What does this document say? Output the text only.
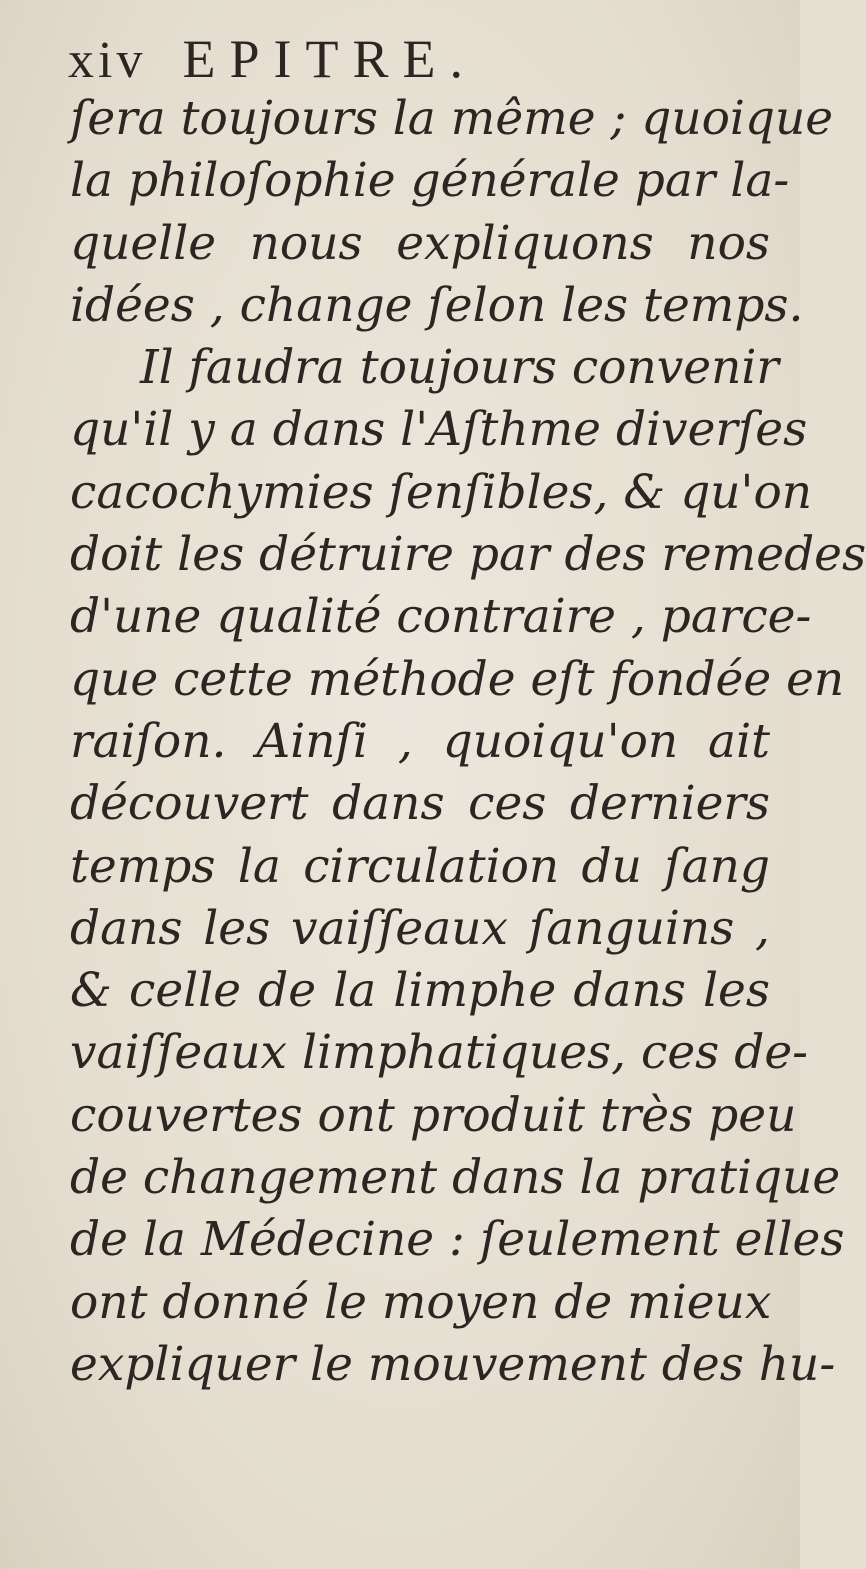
xiv EPITRE.
ſera toujours la même ; quoique
la philoſophie générale par la-
quelle nous expliquons nos
idées , change ſelon les temps.
Il faudra toujours convenir
qu'il y a dans l'Aſthme diverſes
cacochymies ſenſibles, & qu'on
doit les détruire par des remedes
d'une qualité contraire , parce-
que cette méthode eſt fondée en
raiſon. Ainſi , quoiqu'on ait
découvert dans ces derniers
temps la circulation du ſang
dans les vaiſſeaux ſanguins ,
& celle de la limphe dans les
vaiſſeaux limphatiques, ces de-
couvertes ont produit très peu
de changement dans la pratique
de la Médecine : ſeulement elles
ont donné le moyen de mieux
expliquer le mouvement des hu-
